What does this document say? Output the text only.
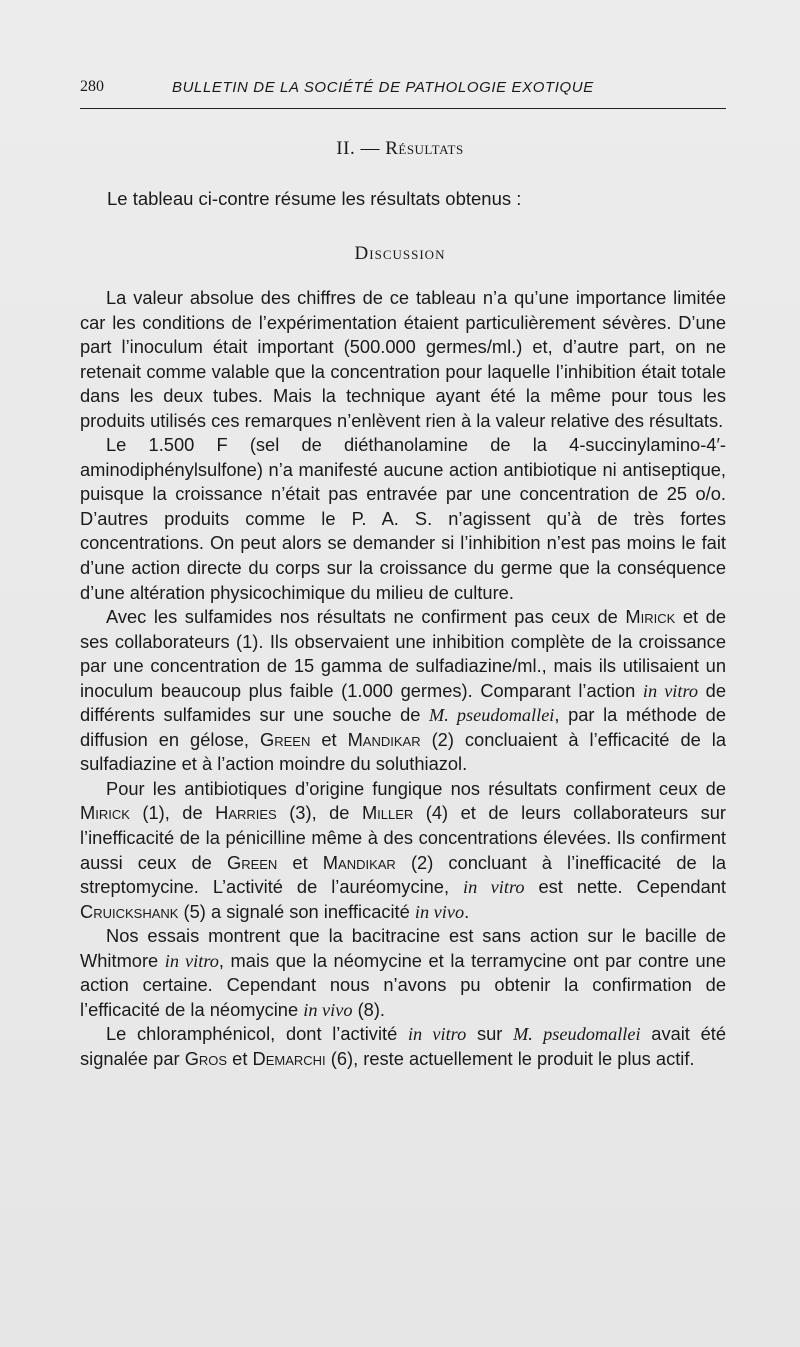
280	BULLETIN DE LA SOCIÉTÉ DE PATHOLOGIE EXOTIQUE
II. — Résultats
Le tableau ci-contre résume les résultats obtenus :
Discussion

La valeur absolue des chiffres de ce tableau n’a qu’une importance limitée car les conditions de l’expérimentation étaient particulièrement sévères. D’une part l’inoculum était important (500.000 germes/ml.) et, d’autre part, on ne retenait comme valable que la concentration pour laquelle l’inhibition était totale dans les deux tubes. Mais la technique ayant été la même pour tous les produits utilisés ces remarques n’enlèvent rien à la valeur relative des résultats.

Le 1.500 F (sel de diéthanolamine de la 4-succinylamino-4′-aminodiphénylsulfone) n’a manifesté aucune action antibiotique ni antiseptique, puisque la croissance n’était pas entravée par une concentration de 25 o/o. D’autres produits comme le P. A. S. n’agissent qu’à de très fortes concentrations. On peut alors se demander si l’inhibition n’est pas moins le fait d’une action directe du corps sur la croissance du germe que la conséquence d’une altération physicochimique du milieu de culture.

Avec les sulfamides nos résultats ne confirment pas ceux de Mirick et de ses collaborateurs (1). Ils observaient une inhibition complète de la croissance par une concentration de 15 gamma de sulfadiazine/ml., mais ils utilisaient un inoculum beaucoup plus faible (1.000 germes). Comparant l’action in vitro de différents sulfamides sur une souche de M. pseudomallei, par la méthode de diffusion en gélose, Green et Mandikar (2) concluaient à l’efficacité de la sulfadiazine et à l’action moindre du soluthiazol.

Pour les antibiotiques d’origine fungique nos résultats confirment ceux de Mirick (1), de Harries (3), de Miller (4) et de leurs collaborateurs sur l’inefficacité de la pénicilline même à des concentrations élevées. Ils confirment aussi ceux de Green et Mandikar (2) concluant à l’inefficacité de la streptomycine. L’activité de l’auréomycine, in vitro est nette. Cependant Cruickshank (5) a signalé son inefficacité in vivo.

Nos essais montrent que la bacitracine est sans action sur le bacille de Whitmore in vitro, mais que la néomycine et la terramycine ont par contre une action certaine. Cependant nous n’avons pu obtenir la confirmation de l’efficacité de la néomycine in vivo (8).

Le chloramphénicol, dont l’activité in vitro sur M. pseudomallei avait été signalée par Gros et Demarchi (6), reste actuellement le produit le plus actif.
